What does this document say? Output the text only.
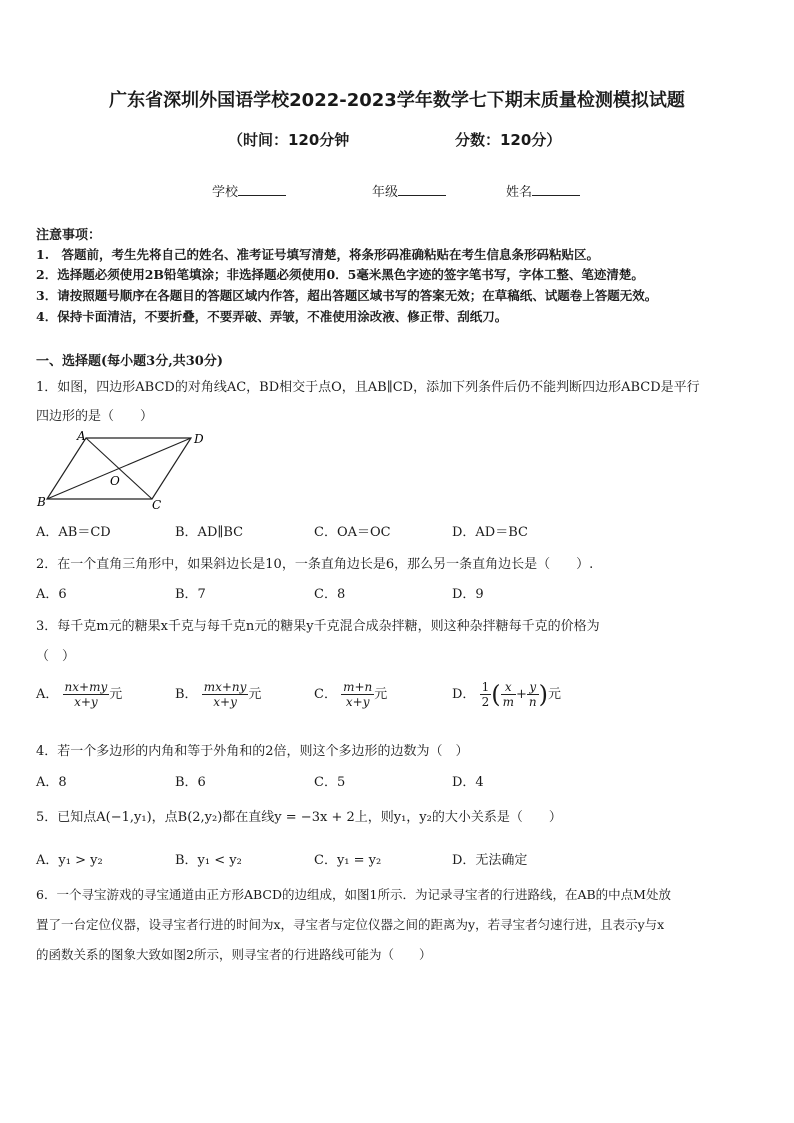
广东省深圳外国语学校2022-2023学年数学七下期末质量检测模拟试题
（时间：120分钟	分数：120分）
学校	年级	姓名
注意事项：
1.　答题前，考生先将自己的姓名、准考证号填写清楚，将条形码准确粘贴在考生信息条形码粘贴区。
2．选择题必须使用2B铅笔填涂；非选择题必须使用0．5毫米黑色字迹的签字笔书写，字体工整、笔迹清楚。
3．请按照题号顺序在各题目的答题区域内作答，超出答题区域书写的答案无效；在草稿纸、试题卷上答题无效。
4．保持卡面清洁，不要折叠，不要弄破、弄皱，不准使用涂改液、修正带、刮纸刀。
一、选择题(每小题3分,共30分)
1．如图，四边形ABCD的对角线AC，BD相交于点O，且AB∥CD，添加下列条件后仍不能判断四边形ABCD是平行
四边形的是（　　）
A	D
B	C
O
A．AB＝CD	B．AD∥BC	C．OA＝OC	D．AD＝BC
2．在一个直角三角形中，如果斜边长是10，一条直角边长是6，那么另一条直角边长是（　　）.
A．6	B．7	C．8	D．9
3．每千克m元的糖果x千克与每千克n元的糖果y千克混合成杂拌糖，则这种杂拌糖每千克的价格为
（　）
A． $\frac{nx+my}{x+y}$ 元	B． $\frac{mx+ny}{x+y}$ 元	C． $\frac{m+n}{x+y}$ 元	D． $\frac{1}{2}$ ( $\frac{x}{m} + \frac{y}{n}$ )元
4．若一个多边形的内角和等于外角和的2倍，则这个多边形的边数为（　）
A．8	B．6	C．5	D．4
5．已知点A(−1,y₁)，点B(2,y₂)都在直线y = −3x + 2上，则y₁，y₂的大小关系是（　　）
A．y₁ > y₂	B．y₁ < y₂	C．y₁ = y₂	D．无法确定
6．一个寻宝游戏的寻宝通道由正方形ABCD的边组成，如图1所示．为记录寻宝者的行进路线，在AB的中点M处放
置了一台定位仪器，设寻宝者行进的时间为x，寻宝者与定位仪器之间的距离为y，若寻宝者匀速行进，且表示y与x
的函数关系的图象大致如图2所示，则寻宝者的行进路线可能为（　　）
